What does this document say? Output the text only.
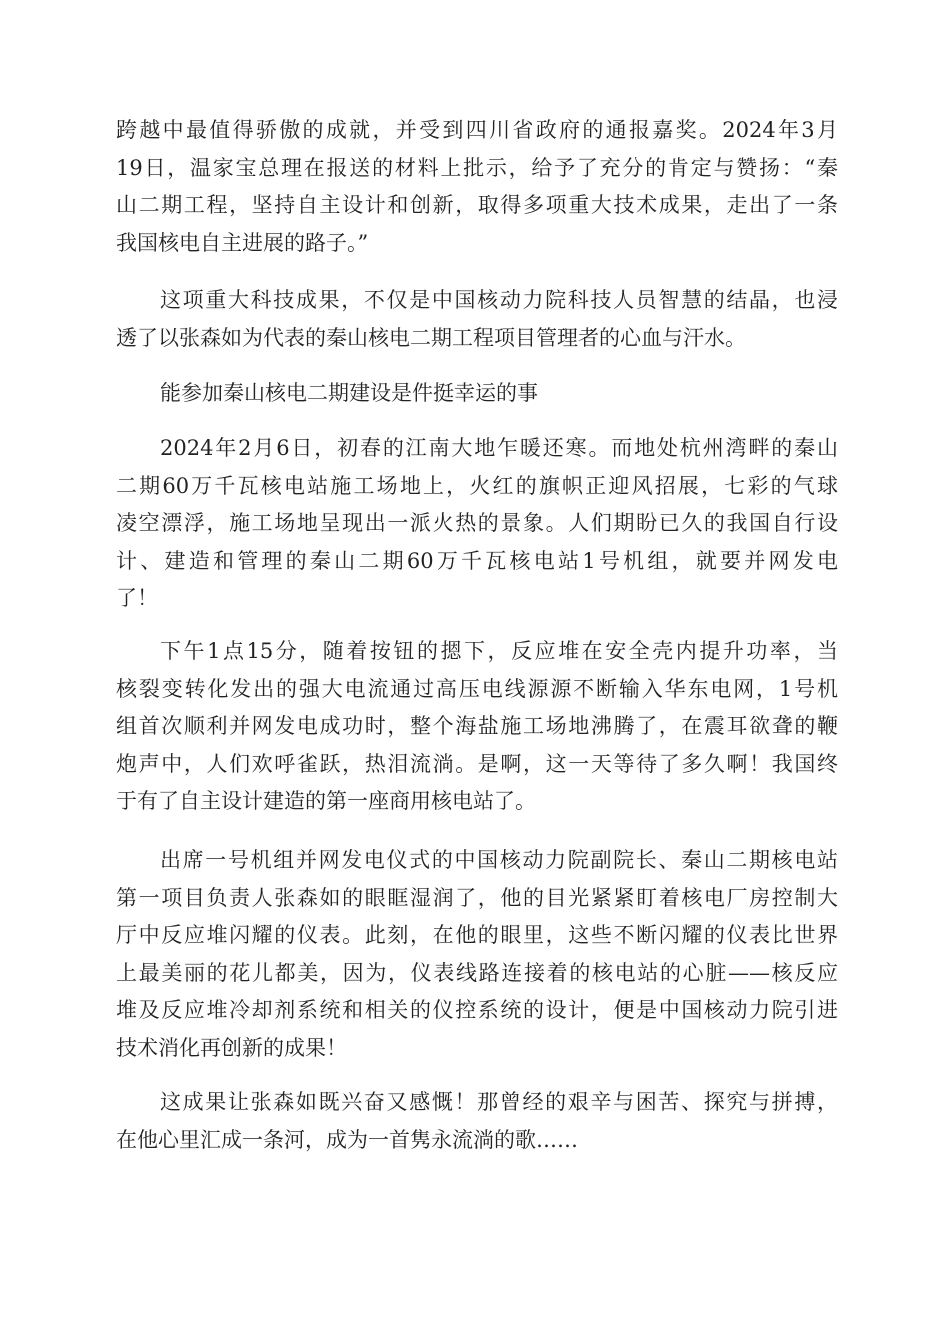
跨越中最值得骄傲的成就，并受到四川省政府的通报嘉奖。2024年3月
19日，温家宝总理在报送的材料上批示，给予了充分的肯定与赞扬：“秦
山二期工程，坚持自主设计和创新，取得多项重大技术成果，走出了一条
我国核电自主进展的路子。”
这项重大科技成果，不仅是中国核动力院科技人员智慧的结晶，也浸
透了以张森如为代表的秦山核电二期工程项目管理者的心血与汗水。
能参加秦山核电二期建设是件挺幸运的事
2024年2月6日，初春的江南大地乍暖还寒。而地处杭州湾畔的秦山
二期60万千瓦核电站施工场地上，火红的旗帜正迎风招展，七彩的气球
凌空漂浮，施工场地呈现出一派火热的景象。人们期盼已久的我国自行设
计、建造和管理的秦山二期60万千瓦核电站1号机组，就要并网发电
了！
下午1点15分，随着按钮的摁下，反应堆在安全壳内提升功率，当
核裂变转化发出的强大电流通过高压电线源源不断输入华东电网，1号机
组首次顺利并网发电成功时，整个海盐施工场地沸腾了，在震耳欲聋的鞭
炮声中，人们欢呼雀跃，热泪流淌。是啊，这一天等待了多久啊！我国终
于有了自主设计建造的第一座商用核电站了。
出席一号机组并网发电仪式的中国核动力院副院长、秦山二期核电站
第一项目负责人张森如的眼眶湿润了，他的目光紧紧盯着核电厂房控制大
厅中反应堆闪耀的仪表。此刻，在他的眼里，这些不断闪耀的仪表比世界
上最美丽的花儿都美，因为，仪表线路连接着的核电站的心脏——核反应
堆及反应堆冷却剂系统和相关的仪控系统的设计，便是中国核动力院引进
技术消化再创新的成果！
这成果让张森如既兴奋又感慨！那曾经的艰辛与困苦、探究与拼搏，
在他心里汇成一条河，成为一首隽永流淌的歌……
